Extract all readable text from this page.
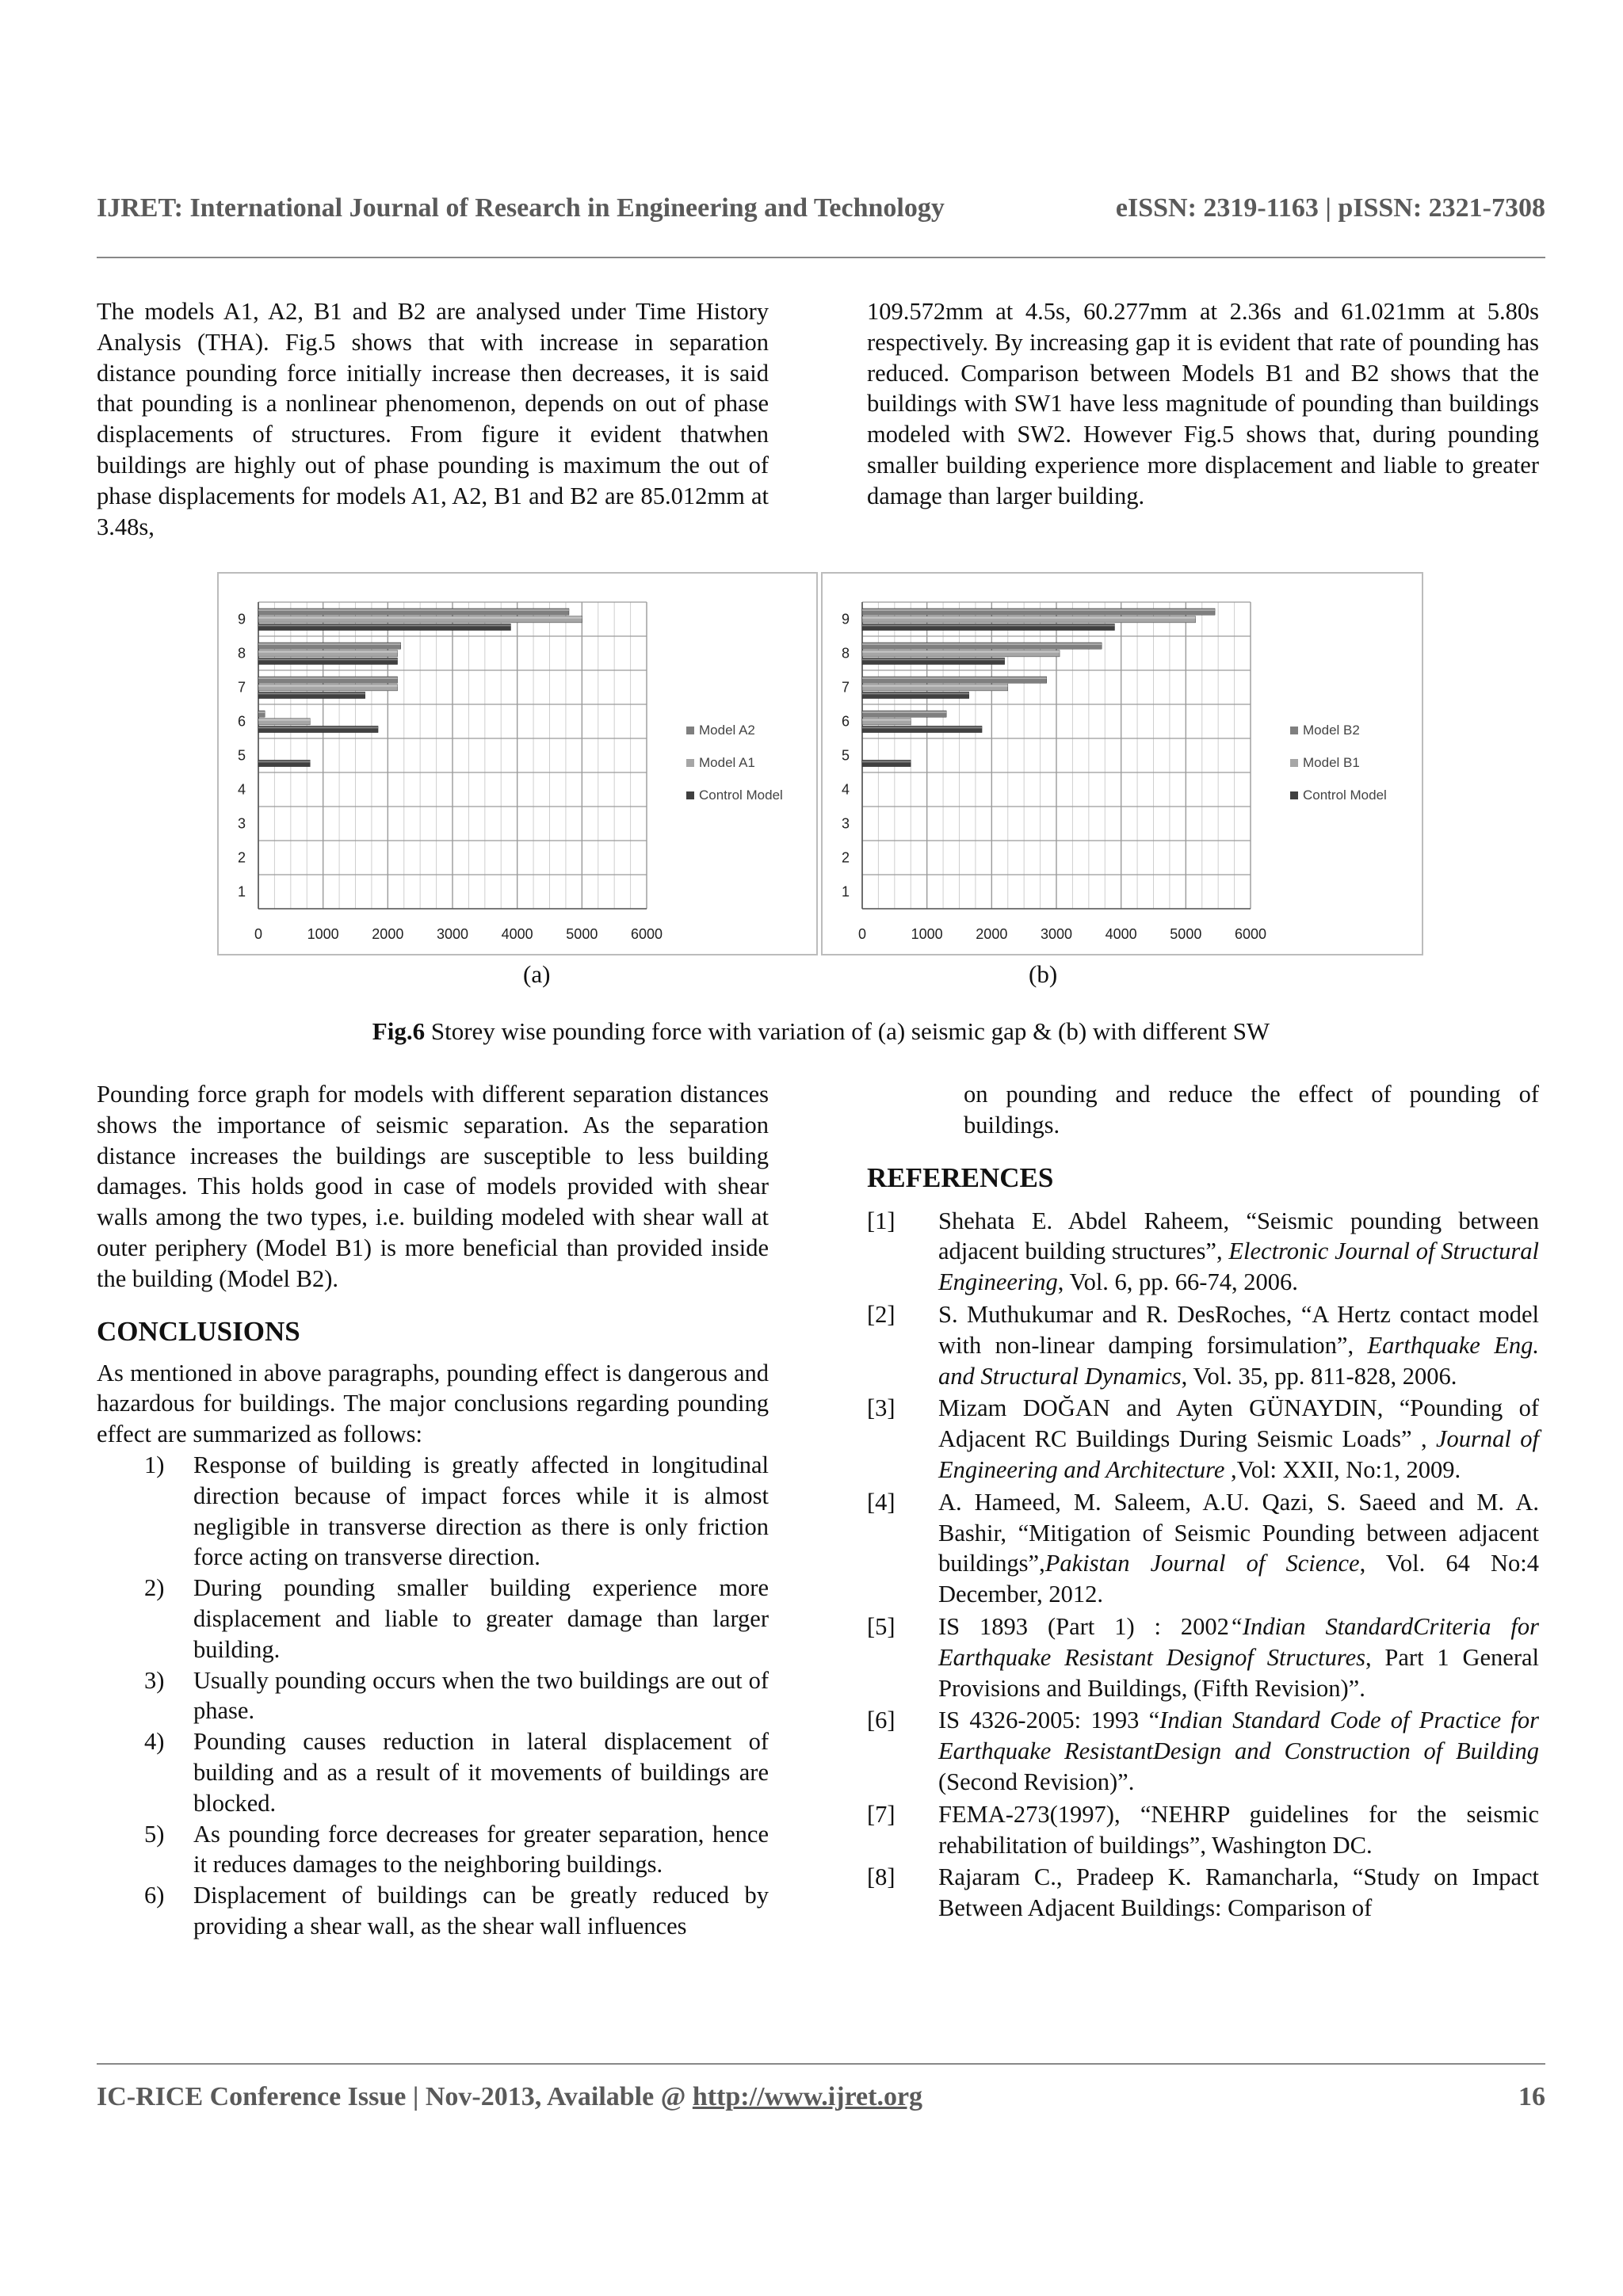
IJRET: International Journal of Research in Engineering and Technology	eISSN: 2319-1163 | pISSN: 2321-7308

The models A1, A2, B1 and B2 are analysed under Time History Analysis (THA). Fig.5 shows that with increase in separation distance pounding force initially increase then decreases, it is said that pounding is a nonlinear phenomenon, depends on out of phase displacements of structures. From figure it evident thatwhen buildings are highly out of phase pounding is maximum the out of phase displacements for models A1, A2, B1 and B2 are 85.012mm at 3.48s,

109.572mm at 4.5s, 60.277mm at 2.36s and 61.021mm at 5.80s respectively. By increasing gap it is evident that rate of pounding has reduced. Comparison between Models B1 and B2 shows that the buildings with SW1 have less magnitude of pounding than buildings modeled with SW2. However Fig.5 shows that, during pounding smaller building experience more displacement and liable to greater damage than larger building.

0	1000 2000 3000 4000 5000 6000
1
2
3
4
5
6
7
8
9
Model A2
Model A1
Control Model
0	1000 2000 3000 4000 5000 6000
1
2
3
4
5
6
7
8
9
Model B2
Model B1
Control Model
(a)	(b)
Fig.6 Storey wise pounding force with variation of (a) seismic gap & (b) with different SW

Pounding force graph for models with different separation distances shows the importance of seismic separation. As the separation distance increases the buildings are susceptible to less building damages. This holds good in case of models provided with shear walls among the two types, i.e. building modeled with shear wall at outer periphery (Model B1) is more beneficial than provided inside the building (Model B2).

CONCLUSIONS

As mentioned in above paragraphs, pounding effect is dangerous and hazardous for buildings. The major conclusions regarding pounding effect are summarized as follows:

1) Response of building is greatly affected in longitudinal direction because of impact forces while it is almost negligible in transverse direction as there is only friction force acting on transverse direction.
2) During pounding smaller building experience more displacement and liable to greater damage than larger building.
3) Usually pounding occurs when the two buildings are out of phase.
4) Pounding causes reduction in lateral displacement of building and as a result of it movements of buildings are blocked.
5) As pounding force decreases for greater separation, hence it reduces damages to the neighboring buildings.
6) Displacement of buildings can be greatly reduced by providing a shear wall, as the shear wall influences

on pounding and reduce the effect of pounding of buildings.

REFERENCES

[1] Shehata E. Abdel Raheem, “Seismic pounding between adjacent building structures”, Electronic Journal of Structural Engineering, Vol. 6, pp. 66-74, 2006.
[2] S. Muthukumar and R. DesRoches, “A Hertz contact model with non-linear damping forsimulation”, Earthquake Eng. and Structural Dynamics, Vol. 35, pp. 811-828, 2006.
[3] Mizam DOĞAN and Ayten GÜNAYDIN, “Pounding of Adjacent RC Buildings During Seismic Loads” , Journal of Engineering and Architecture ,Vol: XXII, No:1, 2009.
[4] A. Hameed, M. Saleem, A.U. Qazi, S. Saeed and M. A. Bashir, “Mitigation of Seismic Pounding between adjacent buildings”,Pakistan Journal of Science, Vol. 64 No:4 December, 2012.
[5] IS 1893 (Part 1) : 2002“Indian StandardCriteria for Earthquake Resistant Designof Structures, Part 1 General Provisions and Buildings, (Fifth Revision)”.
[6] IS 4326-2005: 1993 “Indian Standard Code of Practice for Earthquake ResistantDesign and Construction of Building (Second Revision)”.
[7] FEMA-273(1997), “NEHRP guidelines for the seismic rehabilitation of buildings”, Washington DC.
[8] Rajaram C., Pradeep K. Ramancharla, “Study on Impact Between Adjacent Buildings: Comparison of
IC-RICE Conference Issue | Nov-2013, Available @ http://www.ijret.org	16
